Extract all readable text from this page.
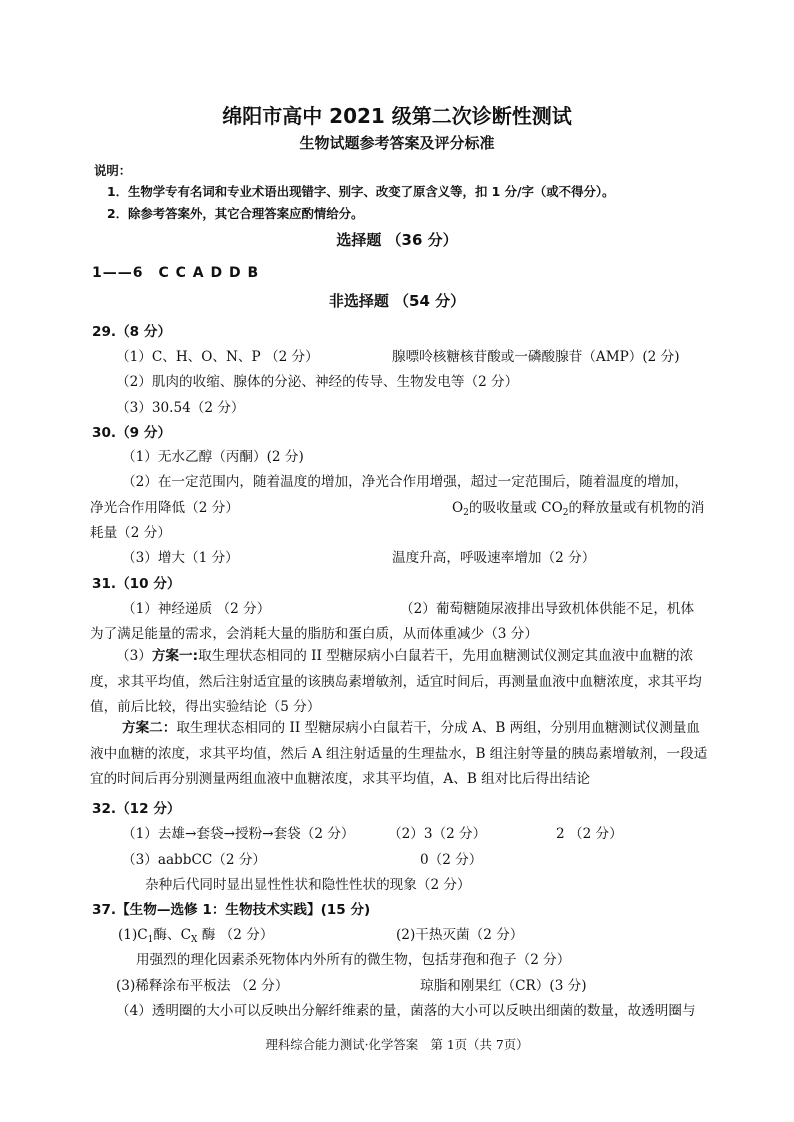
绵阳市高中 2021 级第二次诊断性测试
生物试题参考答案及评分标准
说明：
1．生物学专有名词和专业术语出现错字、别字、改变了原含义等，扣 1 分/字（或不得分）。
2．除参考答案外，其它合理答案应酌情给分。
选择题 （36 分）
1——6　C C A D D B
非选择题 （54 分）
29.（8 分）
（1）C、H、O、N、P （2 分）	腺嘌呤核糖核苷酸或一磷酸腺苷（AMP）(2 分)
（2）肌肉的收缩、腺体的分泌、神经的传导、生物发电等（2 分）
（3）30.54（2 分）
30.（9 分）
（1）无水乙醇（丙酮）(2 分)
（2）在一定范围内，随着温度的增加，净光合作用增强，超过一定范围后，随着温度的增加，
净光合作用降低（2 分）	$O_2$的吸收量或 $CO_2$的释放量或有机物的消
耗量（2 分）
（3）增大（1 分）	温度升高，呼吸速率增加（2 分）
31.（10 分）
（1）神经递质 （2 分）	（2）葡萄糖随尿液排出导致机体供能不足，机体
为了满足能量的需求，会消耗大量的脂肪和蛋白质，从而体重减少（3 分）
（3）方案一:取生理状态相同的 II 型糖尿病小白鼠若干，先用血糖测试仪测定其血液中血糖的浓度，求其平均值，然后注射适宜量的该胰岛素增敏剂，适宜时间后，再测量血液中血糖浓度，求其平均值，前后比较，得出实验结论（5 分）
方案二：取生理状态相同的 II 型糖尿病小白鼠若干，分成 A、B 两组，分别用血糖测试仪测量血液中血糖的浓度，求其平均值，然后 A 组注射适量的生理盐水，B 组注射等量的胰岛素增敏剂，一段适宜的时间后再分别测量两组血液中血糖浓度，求其平均值，A、B 组对比后得出结论
32.（12 分）
（1）去雄→套袋→授粉→套袋（2 分） （2）3（2 分）	2 （2 分）
（3）aabbCC（2 分）	0（2 分）
杂种后代同时显出显性性状和隐性性状的现象（2 分）
37.【生物—选修 1：生物技术实践】(15 分)
$(1)C_1$酶、$C_X$ 酶 （2 分）	(2)干热灭菌（2 分）
用强烈的理化因素杀死物体内外所有的微生物，包括芽孢和孢子（2 分）
(3)稀释涂布平板法 （2 分）	琼脂和刚果红（CR）(3 分)
（4）透明圈的大小可以反映出分解纤维素的量，菌落的大小可以反映出细菌的数量，故透明圈与
理科综合能力测试·化学答案　第 1页（共 7页）
